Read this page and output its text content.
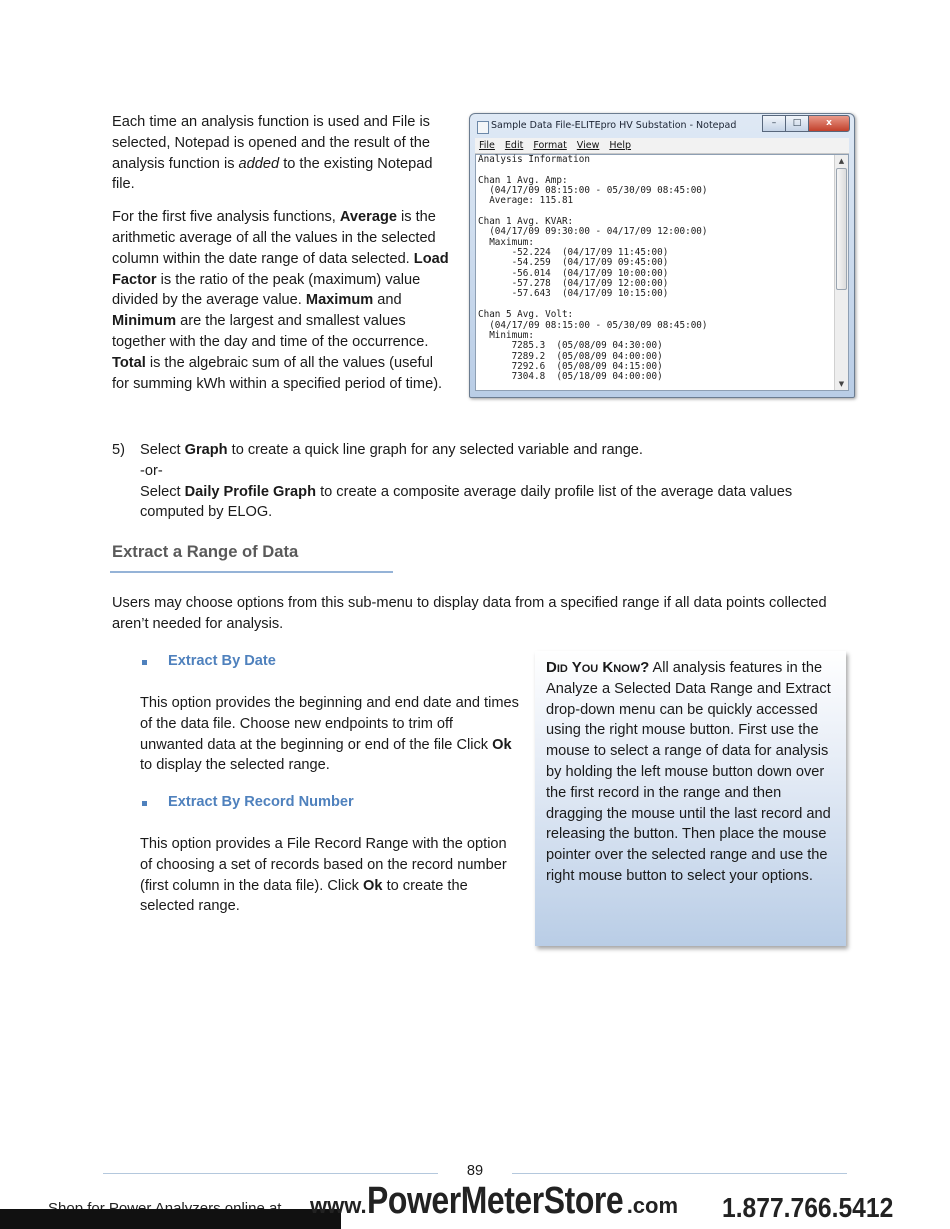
Each time an analysis function is used and File is selected, Notepad is opened and the result of the analysis function is added to the existing Notepad file.

For the first five analysis functions, Average is the arithmetic average of all the values in the selected column within the date range of data selected. Load Factor is the ratio of the peak (maximum) value divided by the average value. Maximum and Minimum are the largest and smallest values together with the day and time of the occurrence. Total is the algebraic sum of all the values (useful for summing kWh within a specified period of time).

Sample Data File-ELITEpro HV Substation - Notepad	–	□	x
File Edit Format View Help
Analysis Information

Chan 1 Avg. Amp:
(04/17/09 08:15:00 - 05/30/09 08:45:00)
Average: 115.81

Chan 1 Avg. KVAR:
(04/17/09 09:30:00 - 04/17/09 12:00:00)
Maximum:
-52.224  (04/17/09 11:45:00)
-54.259  (04/17/09 09:45:00)
-56.014  (04/17/09 10:00:00)
-57.278  (04/17/09 12:00:00)
-57.643  (04/17/09 10:15:00)

Chan 5 Avg. Volt:
(04/17/09 08:15:00 - 05/30/09 08:45:00)
Minimum:
7285.3  (05/08/09 04:30:00)
7289.2  (05/08/09 04:00:00)
7292.6  (05/08/09 04:15:00)
7304.8  (05/18/09 04:00:00)
▲
▼
5) Select Graph to create a quick line graph for any selected variable and range.
-or-
Select Daily Profile Graph to create a composite average daily profile list of the average data values computed by ELOG.
Extract a Range of Data
Users may choose options from this sub-menu to display data from a specified range if all data points collected aren’t needed for analysis.
Extract By Date
This option provides the beginning and end date and times of the data file. Choose new endpoints to trim off unwanted data at the beginning or end of the file Click Ok to display the selected range.
Extract By Record Number
This option provides a File Record Range with the option of choosing a set of records based on the record number (first column in the data file). Click Ok to create the selected range.
Did You Know? All analysis features in the Analyze a Selected Data Range and Extract drop-down menu can be quickly accessed using the right mouse button. First use the mouse to select a range of data for analysis by holding the left mouse button down over the first record in the range and then dragging the mouse until the last record and releasing the button. Then place the mouse pointer over the selected range and use the right mouse button to select your options.
89
www.PowerMeterStore .com 1.877.766.5412
